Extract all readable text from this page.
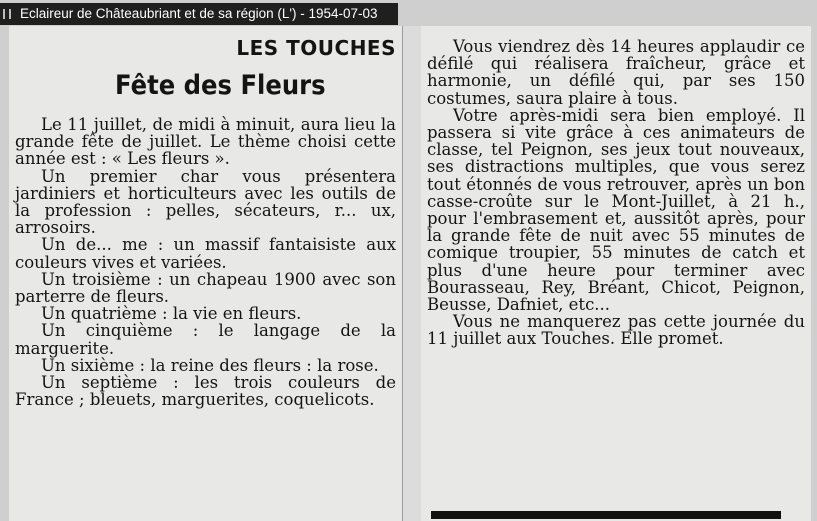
LES TOUCHES
Fête des Fleurs

Le 11 juillet, de midi à minuit, aura lieu la grande fête de juillet. Le thème choisi cette année est : « Les fleurs ».

Un premier char vous présentera jardiniers et horticulteurs avec les outils de la profession : pelles, sécateurs, r... ux, arrosoirs.

Un de... me : un massif fantaisiste aux couleurs vives et variées.

Un troisième : un chapeau 1900 avec son parterre de fleurs.

Un quatrième : la vie en fleurs.

Un cinquième : le langage de la marguerite.

Un sixième : la reine des fleurs : la rose.

Un septième : les trois couleurs de France ; bleuets, marguerites, coquelicots.

Vous viendrez dès 14 heures applaudir ce défilé qui réalisera fraîcheur, grâce et harmonie, un défilé qui, par ses 150 costumes, saura plaire à tous.

Votre après-midi sera bien employé. Il passera si vite grâce à ces animateurs de classe, tel Peignon, ses jeux tout nouveaux, ses distractions multiples, que vous serez tout étonnés de vous retrouver, après un bon casse-croûte sur le Mont-Juillet, à 21 h., pour l'embrasement et, aussitôt après, pour la grande fête de nuit avec 55 minutes de comique troupier, 55 minutes de catch et plus d'une heure pour terminer avec Bourasseau, Rey, Bréant, Chicot, Peignon, Beusse, Dafniet, etc...

Vous ne manquerez pas cette journée du 11 juillet aux Touches. Elle promet.

Eclaireur de Châteaubriant et de sa région (L') - 1954-07-03
